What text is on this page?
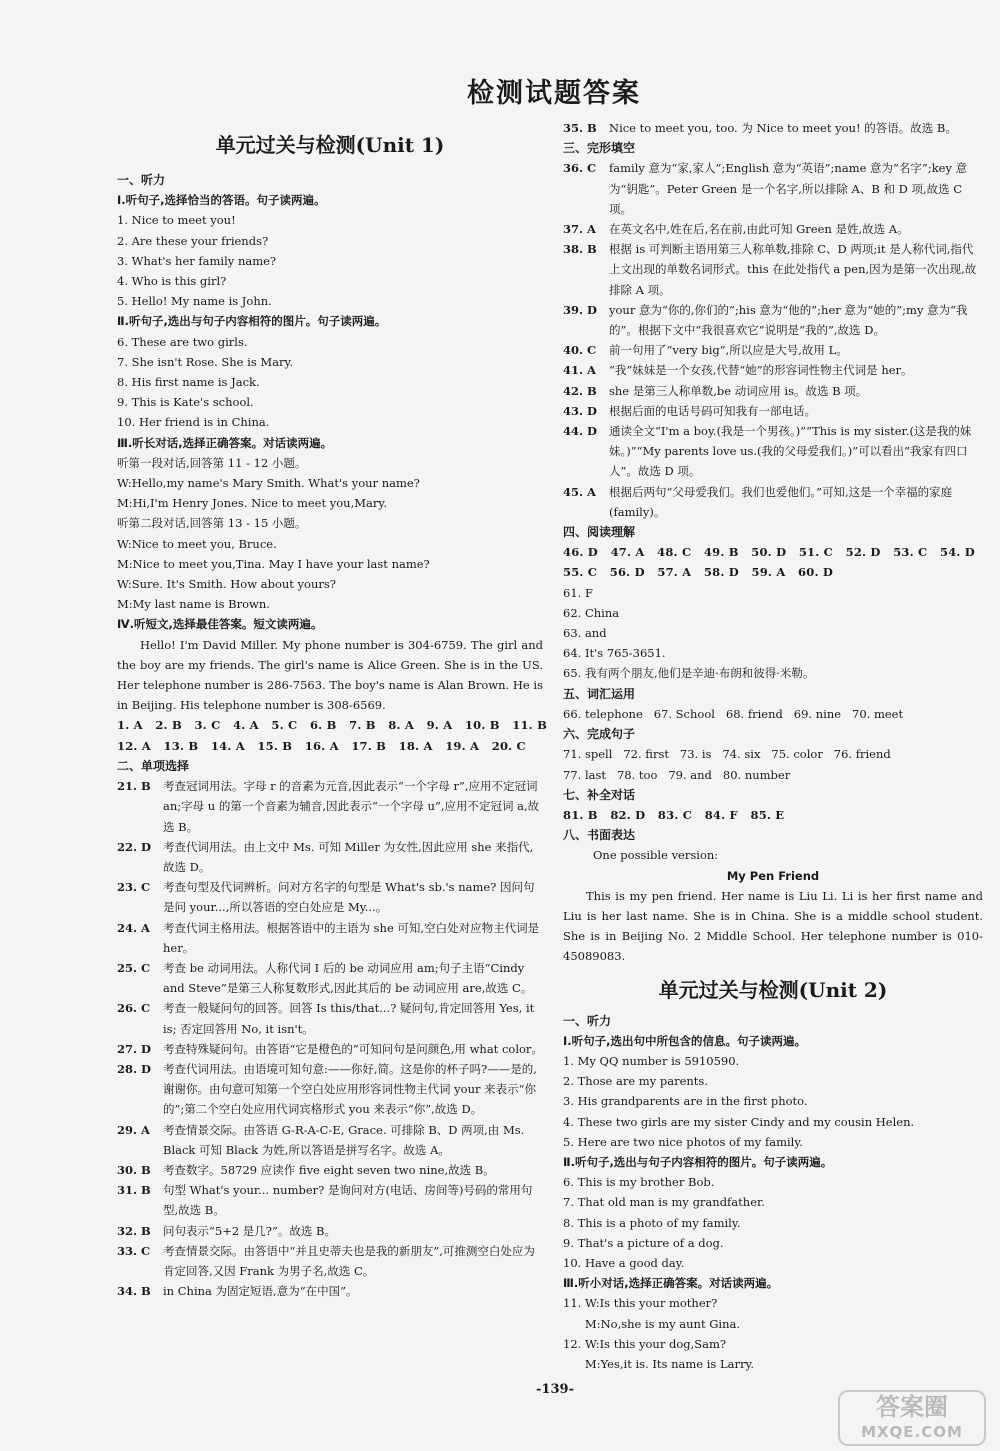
检测试题答案
单元过关与检测(Unit 1)
一、听力
Ⅰ.听句子,选择恰当的答语。句子读两遍。
1. Nice to meet you!
2. Are these your friends?
3. What's her family name?
4. Who is this girl?
5. Hello! My name is John.
Ⅱ.听句子,选出与句子内容相符的图片。句子读两遍。
6. These are two girls.
7. She isn't Rose. She is Mary.
8. His first name is Jack.
9. This is Kate's school.
10. Her friend is in China.
Ⅲ.听长对话,选择正确答案。对话读两遍。
听第一段对话,回答第 11 - 12 小题。
W:Hello,my name's Mary Smith. What's your name?
M:Hi,I'm Henry Jones. Nice to meet you,Mary.
听第二段对话,回答第 13 - 15 小题。
W:Nice to meet you, Bruce.
M:Nice to meet you,Tina. May I have your last name?
W:Sure. It's Smith. How about yours?
M:My last name is Brown.
Ⅳ.听短文,选择最佳答案。短文读两遍。
Hello! I'm David Miller. My phone number is 304-6759. The girl and the boy are my friends. The girl's name is Alice Green. She is in the US. Her telephone number is 286-7563. The boy's name is Alan Brown. He is in Beijing. His telephone number is 308-6569.
1. A   2. B   3. C   4. A   5. C   6. B   7. B   8. A   9. A   10. B   11. B
12. A   13. B   14. A   15. B   16. A   17. B   18. A   19. A   20. C
二、单项选择
21. B	考查冠词用法。字母 r 的音素为元音,因此表示“一个字母 r”,应用不定冠词 an;字母 u 的第一个音素为辅音,因此表示“一个字母 u”,应用不定冠词 a,故选 B。
22. D	考查代词用法。由上文中 Ms. 可知 Miller 为女性,因此应用 she 来指代,故选 D。
23. C	考查句型及代词辨析。问对方名字的句型是 What's sb.'s name? 因问句是问 your...,所以答语的空白处应是 My...。
24. A	考查代词主格用法。根据答语中的主语为 she 可知,空白处对应物主代词是 her。
25. C	考查 be 动词用法。人称代词 I 后的 be 动词应用 am;句子主语“Cindy and Steve”是第三人称复数形式,因此其后的 be 动词应用 are,故选 C。
26. C	考查一般疑问句的回答。回答 Is this/that...? 疑问句,肯定回答用 Yes, it is; 否定回答用 No, it isn't。
27. D	考查特殊疑问句。由答语“它是橙色的”可知问句是问颜色,用 what color。
28. D	考查代词用法。由语境可知句意:——你好,简。这是你的杯子吗?——是的,谢谢你。由句意可知第一个空白处应用形容词性物主代词 your 来表示“你的”;第二个空白处应用代词宾格形式 you 来表示“你”,故选 D。
29. A	考查情景交际。由答语 G-R-A-C-E, Grace. 可排除 B、D 两项,由 Ms. Black 可知 Black 为姓,所以答语是拼写名字。故选 A。
30. B	考查数字。58729 应读作 five eight seven two nine,故选 B。
31. B	句型 What's your... number? 是询问对方(电话、房间等)号码的常用句型,故选 B。
32. B	问句表示“5+2 是几?”。故选 B。
33. C	考查情景交际。由答语中“并且史蒂夫也是我的新朋友”,可推测空白处应为肯定回答,又因 Frank 为男子名,故选 C。
34. B	in China 为固定短语,意为“在中国”。
35. B	Nice to meet you, too. 为 Nice to meet you! 的答语。故选 B。
三、完形填空
36. C	family 意为“家,家人”;English 意为“英语”;name 意为“名字”;key 意为“钥匙”。Peter Green 是一个名字,所以排除 A、B 和 D 项,故选 C 项。
37. A	在英文名中,姓在后,名在前,由此可知 Green 是姓,故选 A。
38. B	根据 is 可判断主语用第三人称单数,排除 C、D 两项;it 是人称代词,指代上文出现的单数名词形式。this 在此处指代 a pen,因为是第一次出现,故排除 A 项。
39. D	your 意为“你的,你们的”;his 意为“他的”;her 意为“她的”;my 意为“我的”。根据下文中“我很喜欢它”说明是“我的”,故选 D。
40. C	前一句用了“very big”,所以应是大号,故用 L。
41. A	“我”妹妹是一个女孩,代替“她”的形容词性物主代词是 her。
42. B	she 是第三人称单数,be 动词应用 is。故选 B 项。
43. D	根据后面的电话号码可知我有一部电话。
44. D	通读全文“I'm a boy.(我是一个男孩。)”“This is my sister.(这是我的妹妹。)”“My parents love us.(我的父母爱我们。)”可以看出“我家有四口人”。故选 D 项。
45. A	根据后两句“父母爱我们。我们也爱他们。”可知,这是一个幸福的家庭(family)。
四、阅读理解
46. D   47. A   48. C   49. B   50. D   51. C   52. D   53. C   54. D
55. C   56. D   57. A   58. D   59. A   60. D
61. F
62. China
63. and
64. It's 765-3651.
65. 我有两个朋友,他们是辛迪·布朗和彼得·米勒。
五、词汇运用
66. telephone   67. School   68. friend   69. nine   70. meet
六、完成句子
71. spell   72. first   73. is   74. six   75. color   76. friend
77. last   78. too   79. and   80. number
七、补全对话
81. B   82. D   83. C   84. F   85. E
八、书面表达
One possible version:
My Pen Friend
This is my pen friend. Her name is Liu Li. Li is her first name and Liu is her last name. She is in China. She is a middle school student. She is in Beijing No. 2 Middle School. Her telephone number is 010-45089083.
单元过关与检测(Unit 2)
一、听力
Ⅰ.听句子,选出句中所包含的信息。句子读两遍。
1. My QQ number is 5910590.
2. Those are my parents.
3. His grandparents are in the first photo.
4. These two girls are my sister Cindy and my cousin Helen.
5. Here are two nice photos of my family.
Ⅱ.听句子,选出与句子内容相符的图片。句子读两遍。
6. This is my brother Bob.
7. That old man is my grandfather.
8. This is a photo of my family.
9. That's a picture of a dog.
10. Have a good day.
Ⅲ.听小对话,选择正确答案。对话读两遍。
11. W:Is this your mother?
M:No,she is my aunt Gina.
12. W:Is this your dog,Sam?
M:Yes,it is. Its name is Larry.
-139-
答案圈
MXQE.COM
